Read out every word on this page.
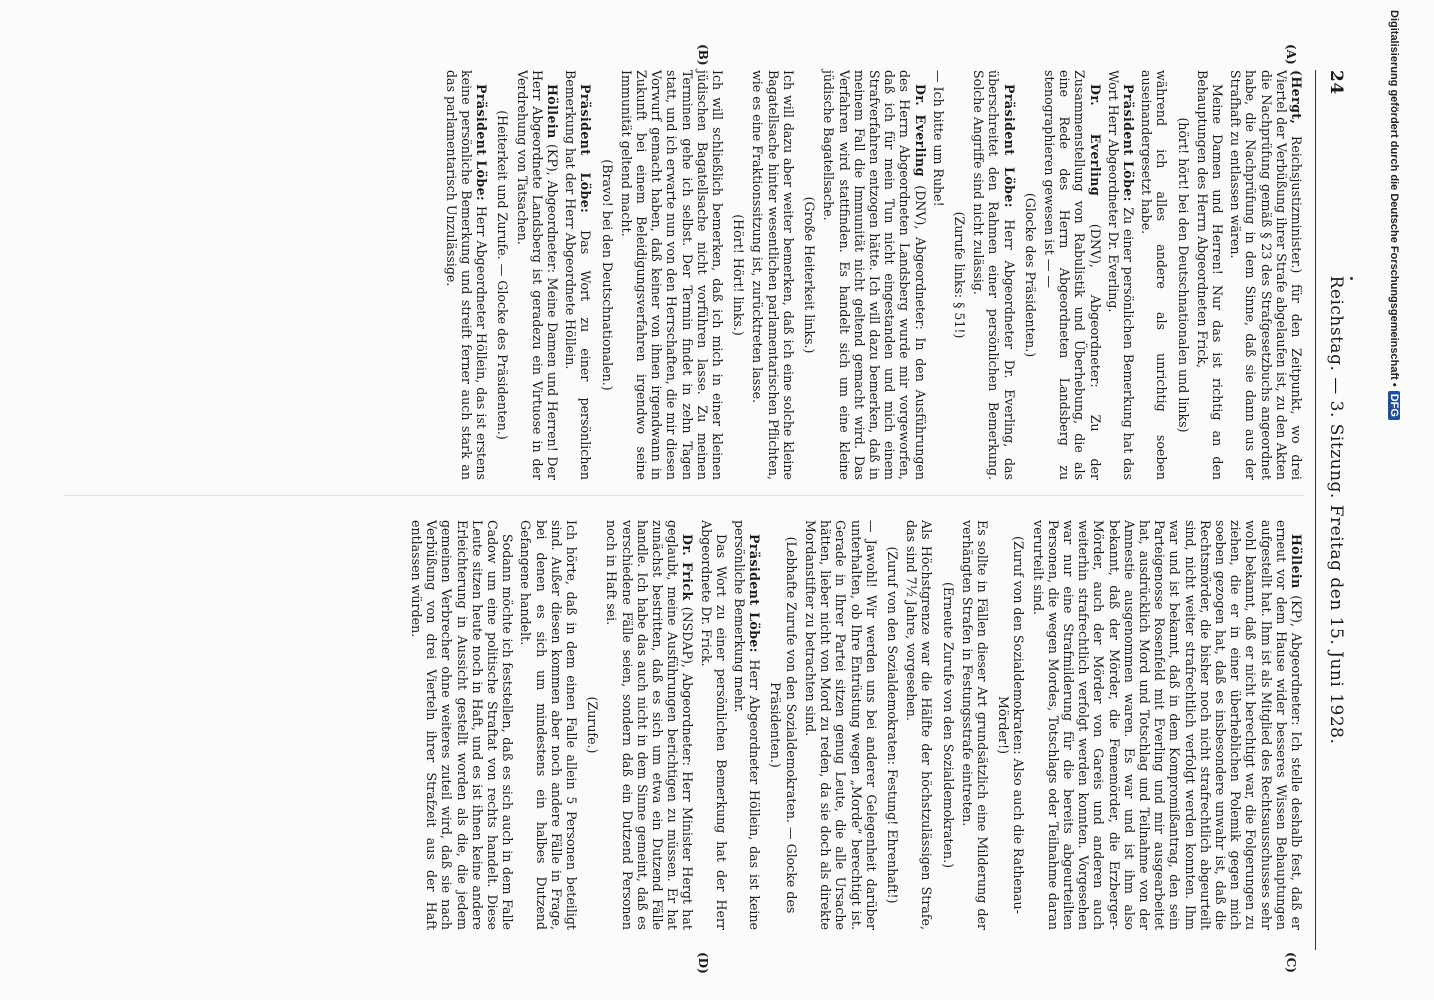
24
Reichstag. — 3. Sitzung. Freitag den 15. Juni 1928.
(A)
(B)
(C)
(D)

(Hergt, Reichsjustizminister.) für den Zeitpunkt, wo drei Viertel der Verbüßung ihrer Strafe abgelaufen ist, zu den Akten die Nachprüfung gemäß § 23 des Strafgesetzbuchs angeordnet habe, die Nachprüfung in dem Sinne, daß sie dann aus der Strafhaft zu entlassen wären.

Meine Damen und Herren! Nur das ist richtig an den Behauptungen des Herrn Abgeordneten Frick,

(hört! hört! bei den Deutschnationalen und links)

während ich alles andere als unrichtig soeben auseinandergesetzt habe.

Präsident Löbe: Zu einer persönlichen Bemerkung hat das Wort Herr Abgeordneter Dr. Everling.

Dr. Everling (DNV), Abgeordneter: Zu der Zusammenstellung von Rabulistik und Überhebung, die als eine Rede des Herrn Abgeordneten Landsberg zu stenographieren gewesen ist — —

(Glocke des Präsidenten.)

Präsident Löbe: Herr Abgeordneter Dr. Everling, das überschreitet den Rahmen einer persönlichen Bemerkung. Solche Angriffe sind nicht zulässig.

(Zurufe links: § 51!)

— Ich bitte um Ruhe!

Dr. Everling (DNV), Abgeordneter: In den Ausführungen des Herrn Abgeordneten Landsberg wurde mir vorgeworfen, daß ich für mein Tun nicht eingestanden und mich einem Strafverfahren entzogen hätte. Ich will dazu bemerken, daß in meinem Fall die Immunität nicht geltend gemacht wird. Das Verfahren wird stattfinden. Es handelt sich um eine kleine jüdische Bagatellsache.

(Große Heiterkeit links.)

Ich will dazu aber weiter bemerken, daß ich eine solche kleine Bagatellsache hinter wesentlichen parlamentarischen Pflichten, wie es eine Fraktionssitzung ist, zurücktreten lasse.

(Hört! Hört! links.)

Ich will schließlich bemerken, daß ich mich in einer kleinen jüdischen Bagatellsache nicht vorführen lasse. Zu meinen Terminen gehe ich selbst. Der Termin findet in zehn Tagen statt, und ich erwarte nun von den Herrschaften, die mir diesen Vorwurf gemacht haben, daß keiner von ihnen irgendwann in Zukunft bei einem Beleidigungsverfahren irgendwo seine Immunität geltend macht.

(Bravo! bei den Deutschnationalen.)

Präsident Löbe: Das Wort zu einer persönlichen Bemerkung hat der Herr Abgeordnete Höllein.

Höllein (KP), Abgeordneter: Meine Damen und Herren! Der Herr Abgeordnete Landsberg ist geradezu ein Virtuose in der Verdrehung von Tatsachen.

(Heiterkeit und Zurufe. — Glocke des Präsidenten.)

Präsident Löbe: Herr Abgeordneter Höllein, das ist erstens keine persönliche Bemerkung und streift ferner auch stark an das parlamentarisch Unzulässige.

Höllein (KP), Abgeordneter: Ich stelle deshalb fest, daß er erneut vor dem Hause wider besseres Wissen Behauptungen aufgestellt hat. Ihm ist als Mitglied des Rechtsausschusses sehr wohl bekannt, daß er nicht berechtigt war, die Folgerungen zu ziehen, die er in einer überheblichen Polemik gegen mich soeben gezogen hat, daß es insbesondere unwahr ist, daß die Rechtsmörder, die bisher noch nicht strafrechtlich abgeurteilt sind, nicht weiter strafrechtlich verfolgt werden konnten. Ihm war und ist bekannt, daß in dem Kompromißantrag, den sein Parteigenosse Rosenfeld mit Everling und mir ausgearbeitet hat, ausdrücklich Mord und Totschlag und Teilnahme von der Amnestie ausgenommen waren. Es war und ist ihm also bekannt, daß der Mörder, die Fememörder, die Erzberger-Mörder, auch der Mörder von Gareis und anderen auch weiterhin strafrechtlich verfolgt werden konnten. Vorgesehen war nur eine Strafmilderung für die bereits abgeurteilten Personen, die wegen Mordes, Totschlags oder Teilnahme daran verurteilt sind.

(Zuruf von den Sozialdemokraten: Also auch die Rathenau-Mörder!)

Es sollte in Fällen dieser Art grundsätzlich eine Milderung der verhängten Strafen in Festungsstrafe eintreten.

(Erneute Zurufe von den Sozialdemokraten.)

Als Höchstgrenze war die Hälfte der höchstzulässigen Strafe, das sind 7½ Jahre, vorgesehen.

(Zuruf von den Sozialdemokraten: Festung! Ehrenhaft!)

— Jawohl! Wir werden uns bei anderer Gelegenheit darüber unterhalten, ob Ihre Entrüstung wegen „Morde“ berechtigt ist. Gerade in Ihrer Partei sitzen genug Leute, die alle Ursache hätten, lieber nicht von Mord zu reden, da sie doch als direkte Mordanstifter zu betrachten sind.

(Lebhafte Zurufe von den Sozialdemokraten. — Glocke des Präsidenten.)

Präsident Löbe: Herr Abgeordneter Höllein, das ist keine persönliche Bemerkung mehr.

Das Wort zu einer persönlichen Bemerkung hat der Herr Abgeordnete Dr. Frick.

Dr. Frick (NSDAP), Abgeordneter: Herr Minister Hergt hat geglaubt, meine Ausführungen berichtigen zu müssen. Er hat zunächst bestritten, daß es sich um etwa ein Dutzend Fälle handle. Ich habe das auch nicht in dem Sinne gemeint, daß es verschiedene Fälle seien, sondern daß ein Dutzend Personen noch in Haft sei.

(Zurufe.)

Ich hörte, daß in dem einen Falle allein 5 Personen beteiligt sind. Außer diesen kommen aber noch andere Fälle in Frage, bei denen es sich um mindestens ein halbes Dutzend Gefangene handelt.

Sodann möchte ich feststellen, daß es sich auch in dem Falle Cadow um eine politische Straftat von rechts handelt. Diese Leute sitzen heute noch in Haft, und es ist ihnen keine andere Erleichterung in Aussicht gestellt worden als die, die jedem gemeinen Verbrecher ohne weiteres zuteil wird, daß sie nach Verbüßung von drei Vierteln ihrer Strafzeit aus der Haft entlassen würden.

Digitalisierung gefördert durch die Deutsche Forschungsgemeinschaft •DFG
